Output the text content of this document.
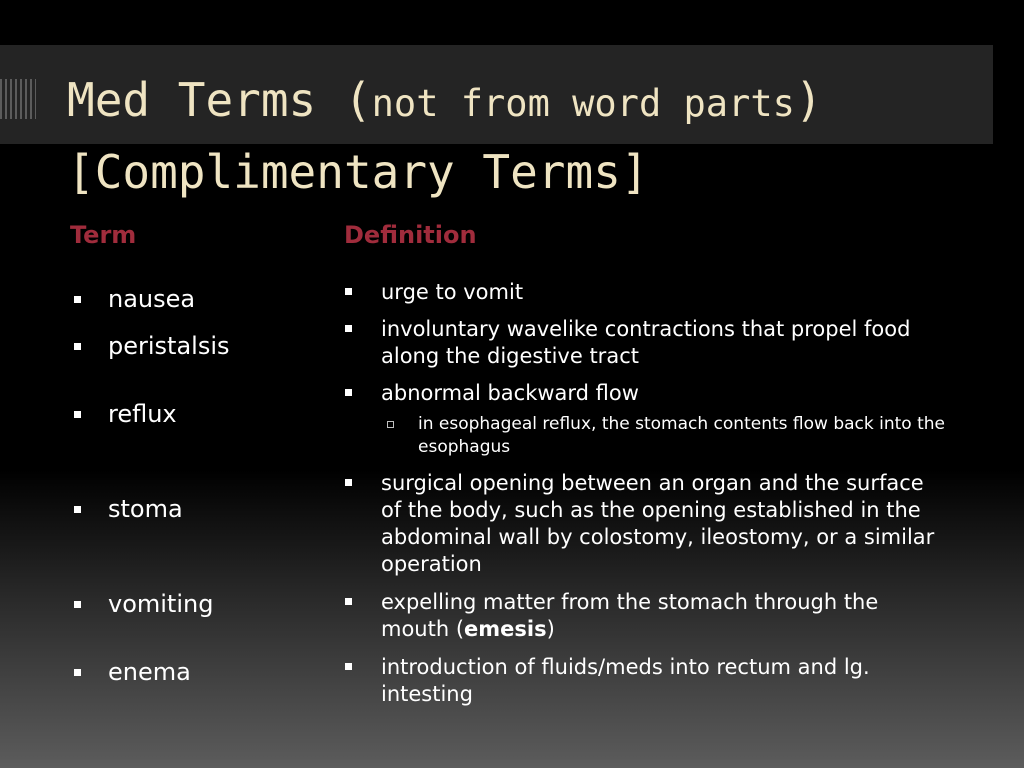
Med Terms (not from word parts)
[Complimentary Terms]
Term	Definition
nausea
peristalsis
reflux
stoma
vomiting
enema
urge to vomit
involuntary wavelike contractions that propel food along the digestive tract
abnormal backward flow
in esophageal reflux, the stomach contents flow back into the esophagus
surgical opening between an organ and the surface of the body, such as the opening established in the abdominal wall by colostomy, ileostomy, or a similar operation
expelling matter from the stomach through the mouth (emesis)
introduction of fluids/meds into rectum and lg. intesting
